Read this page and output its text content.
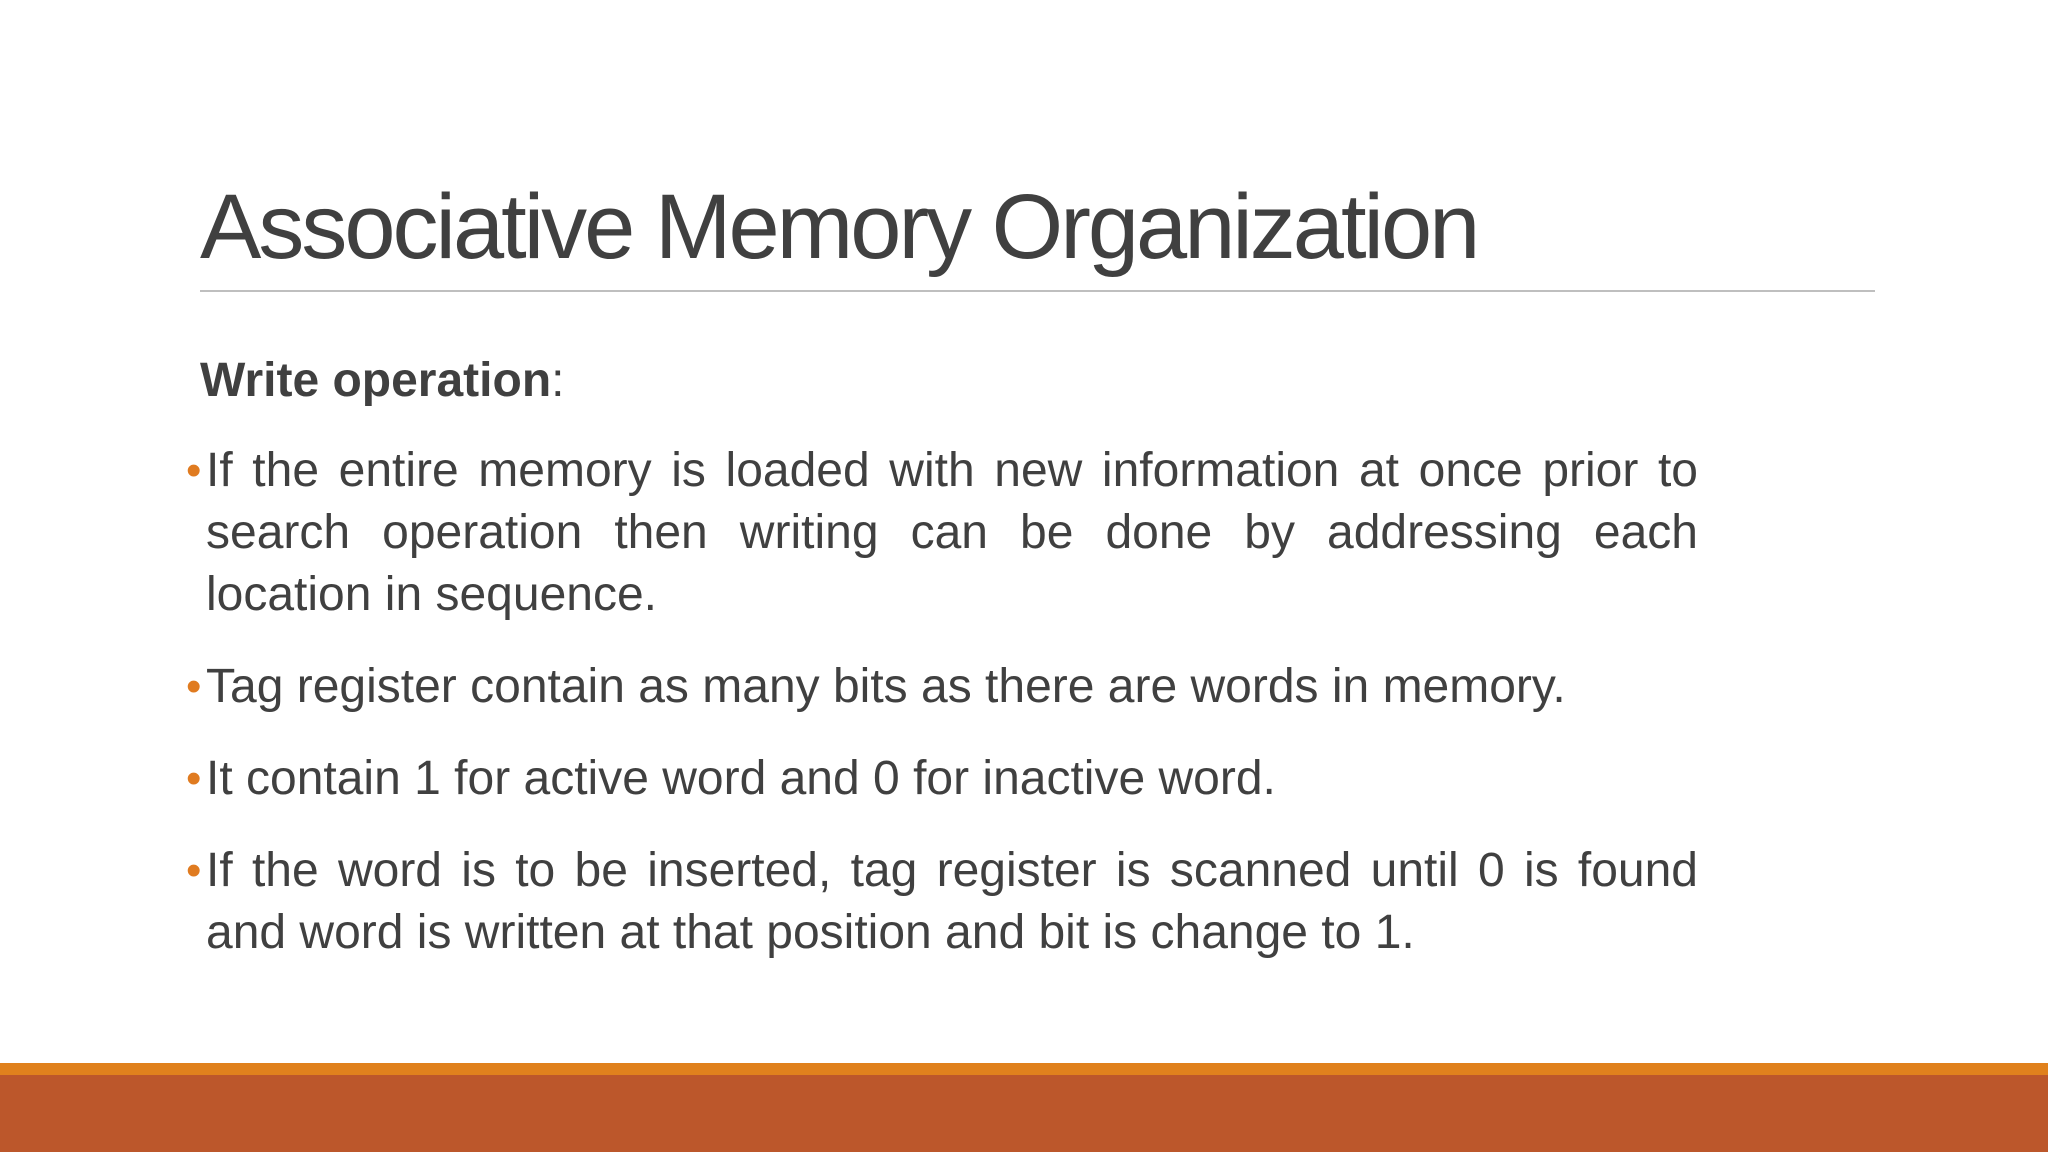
Associative Memory Organization

Write operation:

• If the entire memory is loaded with new information at once prior to search operation then writing can be done by addressing each location in sequence.
• Tag register contain as many bits as there are words in memory.
• It contain 1 for active word and 0 for inactive word.
• If the word is to be inserted, tag register is scanned until 0 is found and word is written at that position and bit is change to 1.
